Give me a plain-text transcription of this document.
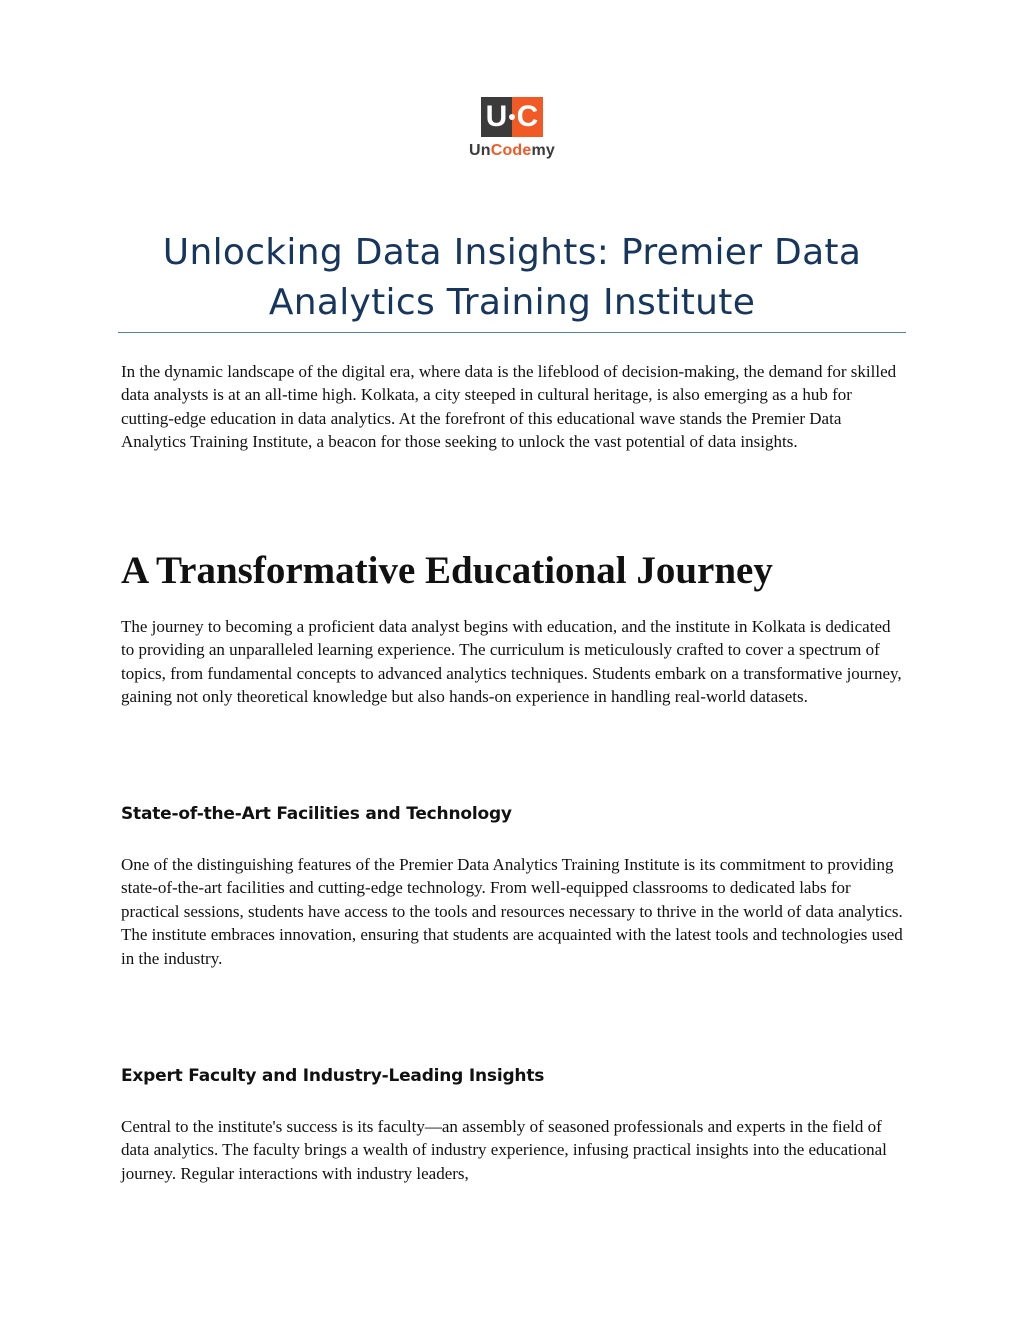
U C
UnCodemy
Unlocking Data Insights: Premier Data Analytics Training Institute

In the dynamic landscape of the digital era, where data is the lifeblood of decision-making, the demand for skilled data analysts is at an all-time high. Kolkata, a city steeped in cultural heritage, is also emerging as a hub for cutting-edge education in data analytics. At the forefront of this educational wave stands the Premier Data Analytics Training Institute, a beacon for those seeking to unlock the vast potential of data insights.

A Transformative Educational Journey

The journey to becoming a proficient data analyst begins with education, and the institute in Kolkata is dedicated to providing an unparalleled learning experience. The curriculum is meticulously crafted to cover a spectrum of topics, from fundamental concepts to advanced analytics techniques. Students embark on a transformative journey, gaining not only theoretical knowledge but also hands-on experience in handling real-world datasets.

State-of-the-Art Facilities and Technology

One of the distinguishing features of the Premier Data Analytics Training Institute is its commitment to providing state-of-the-art facilities and cutting-edge technology. From well-equipped classrooms to dedicated labs for practical sessions, students have access to the tools and resources necessary to thrive in the world of data analytics. The institute embraces innovation, ensuring that students are acquainted with the latest tools and technologies used in the industry.

Expert Faculty and Industry-Leading Insights

Central to the institute's success is its faculty—an assembly of seasoned professionals and experts in the field of data analytics. The faculty brings a wealth of industry experience, infusing practical insights into the educational journey. Regular interactions with industry leaders,
